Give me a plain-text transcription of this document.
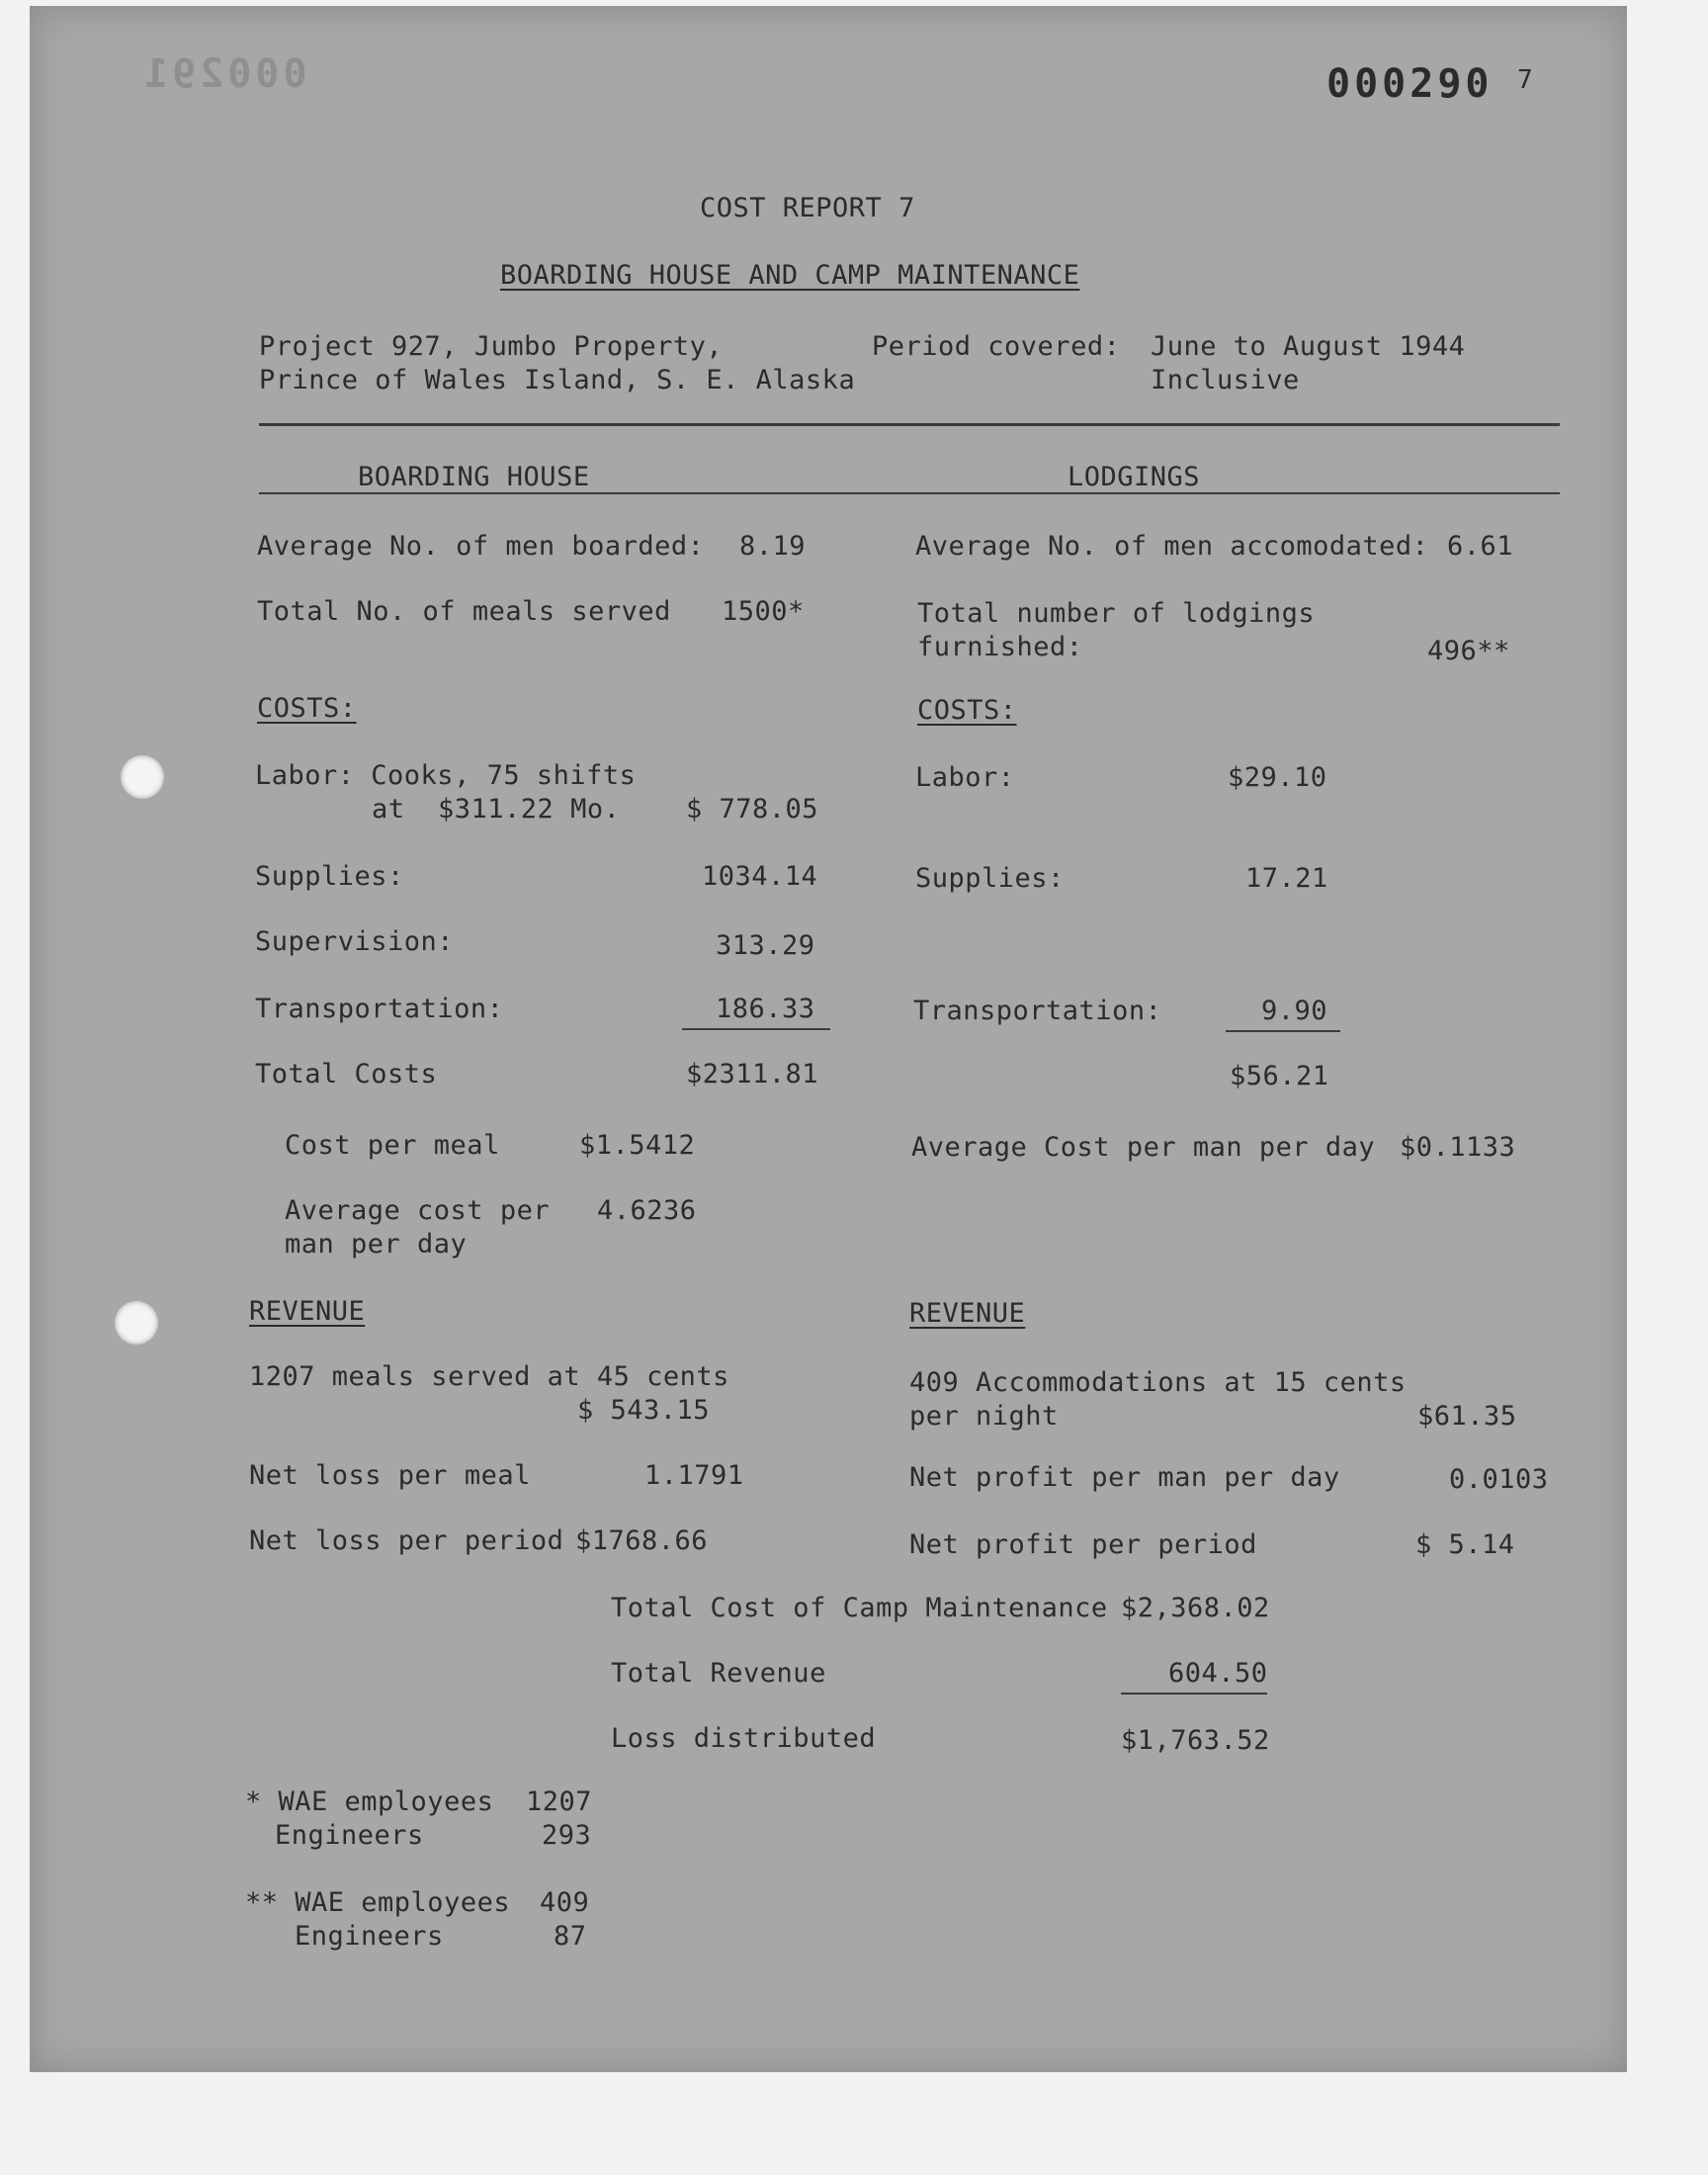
000291	000290 7
COST REPORT 7
BOARDING HOUSE AND CAMP MAINTENANCE
Project 927, Jumbo Property,
Prince of Wales Island, S. E. Alaska
Period covered: June to August 1944
Inclusive
BOARDING HOUSE	LODGINGS
Average No. of men boarded: 8.19
Total No. of meals served 1500*
COSTS:
Labor: Cooks, 75 shifts
at  $311.22 Mo. $ 778.05
Supplies:	1034.14
Supervision:	313.29
Transportation:	186.33
Total Costs	$2311.81
Cost per meal	$1.5412
Average cost per
man per day
4.6236
REVENUE
1207 meals served at 45 cents
$ 543.15
Net loss per meal	1.1791
Net loss per period $1768.66
Average No. of men accomodated: 6.61
Total number of lodgings
furnished:	496**
COSTS:
Labor:	$29.10
Supplies:	17.21
Transportation:	9.90
$56.21
Average Cost per man per day $0.1133
REVENUE
409 Accommodations at 15 cents
per night	$61.35
Net profit per man per day	0.0103
Net profit per period	$ 5.14
Total Cost of Camp Maintenance $2,368.02
Total Revenue	604.50
Loss distributed	$1,763.52
* WAE employees 1207
Engineers	293
** WAE employees 409
Engineers	87
